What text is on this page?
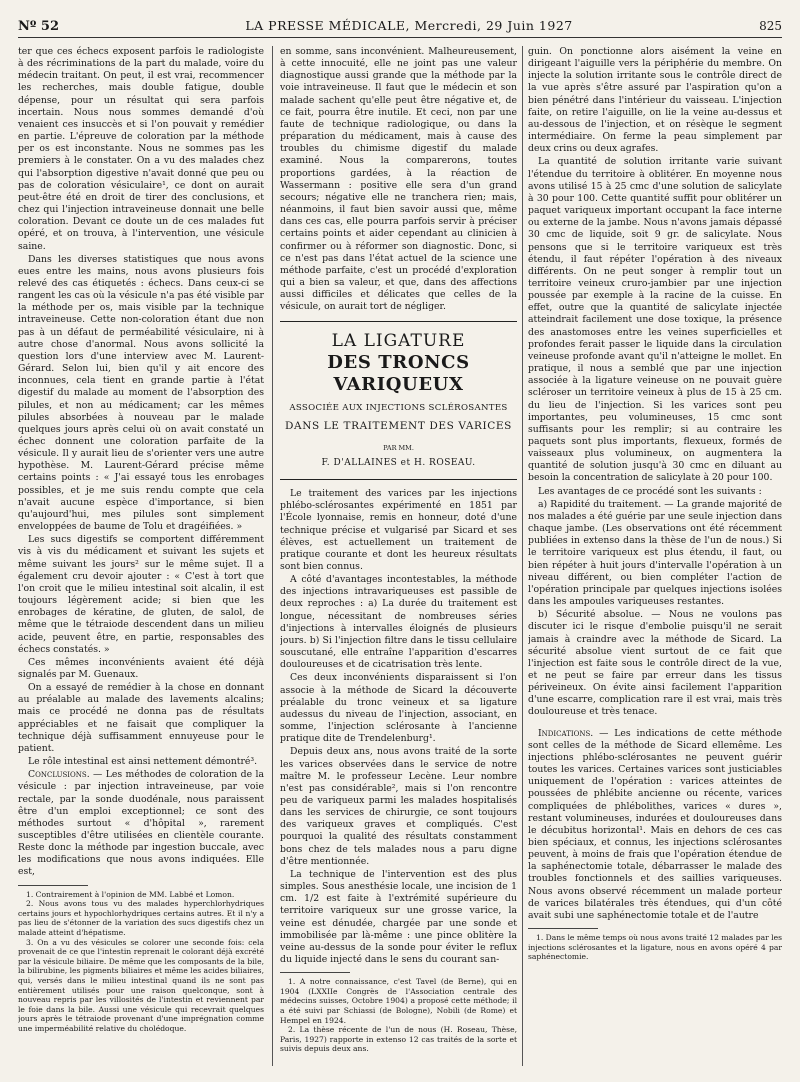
Nº 52	LA PRESSE MÉDICALE, Mercredi, 29 Juin 1927	825

ter que ces échecs exposent parfois le radiologiste à des récriminations de la part du malade, voire du médecin traitant. On peut, il est vrai, recommencer les recherches, mais double fatigue, double dépense, pour un résultat qui sera parfois incertain. Nous nous sommes demandé d'où venaient ces insuccès et si l'on pouvait y remédier en partie. L'épreuve de coloration par la méthode per os est inconstante. Nous ne sommes pas les premiers à le constater. On a vu des malades chez qui l'absorption digestive n'avait donné que peu ou pas de coloration vésiculaire¹, ce dont on aurait peut-être été en droit de tirer des conclusions, et chez qui l'injection intraveineuse donnait une belle coloration. Devant ce doute un de ces malades fut opéré, et on trouva, à l'intervention, une vésicule saine.

Dans les diverses statistiques que nous avons eues entre les mains, nous avons plusieurs fois relevé des cas étiquetés : échecs. Dans ceux-ci se rangent les cas où la vésicule n'a pas été visible par la méthode per os, mais visible par la technique intraveineuse. Cette non-coloration étant due non pas à un défaut de perméabilité vésiculaire, ni à autre chose d'anormal. Nous avons sollicité la question lors d'une interview avec M. Laurent-Gérard. Selon lui, bien qu'il y ait encore des inconnues, cela tient en grande partie à l'état digestif du malade au moment de l'absorption des pilules, et non au médicament; car les mêmes pilules absorbées à nouveau par le malade quelques jours après celui où on avait constaté un échec donnent une coloration parfaite de la vésicule. Il y aurait lieu de s'orienter vers une autre hypothèse. M. Laurent-Gérard précise même certains points : « J'ai essayé tous les enrobages possibles, et je me suis rendu compte que cela n'avait aucune espèce d'importance, si bien qu'aujourd'hui, mes pilules sont simplement enveloppées de baume de Tolu et dragéifiées. »

Les sucs digestifs se comportent différemment vis à vis du médicament et suivant les sujets et même suivant les jours² sur le même sujet. Il a également cru devoir ajouter : « C'est à tort que l'on croit que le milieu intestinal soit alcalin, il est toujours légèrement acide; si bien que les enrobages de kératine, de gluten, de salol, de même que le tétraiode descendent dans un milieu acide, peuvent être, en partie, responsables des échecs constatés. »

Ces mêmes inconvénients avaient été déjà signalés par M. Guenaux.

On a essayé de remédier à la chose en donnant au préalable au malade des lavements alcalins; mais ce procédé ne donna pas de résultats appréciables et ne faisait que compliquer la technique déjà suffisamment ennuyeuse pour le patient.

Le rôle intestinal est ainsi nettement démontré³.

Conclusions. — Les méthodes de coloration de la vésicule : par injection intraveineuse, par voie rectale, par la sonde duodénale, nous paraissent être d'un emploi exceptionnel; ce sont des méthodes surtout « d'hôpital », rarement susceptibles d'être utilisées en clientèle courante. Reste donc la méthode par ingestion buccale, avec les modifications que nous avons indiquées. Elle est,

1. Contrairement à l'opinion de MM. Labbé et Lomon.

2. Nous avons tous vu des malades hyperchlorhydriques certains jours et hypochlorhydriques certains autres. Et il n'y a pas lieu de s'étonner de la variation des sucs digestifs chez un malade atteint d'hépatisme.

3. On a vu des vésicules se colorer une seconde fois: cela provenait de ce que l'intestin reprenait le colorant déjà excrété par la vésicule biliaire. De même que les composants de la bile, la bilirubine, les pigments biliaires et même les acides biliaires, qui, versés dans le milieu intestinal quand ils ne sont pas entièrement utilisés pour une raison quelconque, sont à nouveau repris par les villosités de l'intestin et reviennent par le foie dans la bile. Aussi une vésicule qui recevrait quelques jours après le tétraiode provenant d'une imprégnation comme une imperméabilité relative du cholédoque.

en somme, sans inconvénient. Malheureusement, à cette innocuité, elle ne joint pas une valeur diagnostique aussi grande que la méthode par la voie intraveineuse. Il faut que le médecin et son malade sachent qu'elle peut être négative et, de ce fait, pourra être inutile. Et ceci, non par une faute de technique radiologique, ou dans la préparation du médicament, mais à cause des troubles du chimisme digestif du malade examiné. Nous la comparerons, toutes proportions gardées, à la réaction de Wassermann : positive elle sera d'un grand secours; négative elle ne tranchera rien; mais, néanmoins, il faut bien savoir aussi que, même dans ces cas, elle pourra parfois servir à préciser certains points et aider cependant au clinicien à confirmer ou à réformer son diagnostic. Donc, si ce n'est pas dans l'état actuel de la science une méthode parfaite, c'est un procédé d'exploration qui a bien sa valeur, et que, dans des affections aussi difficiles et délicates que celles de la vésicule, on aurait tort de négliger.

LA LIGATURE
DES TRONCS VARIQUEUX
ASSOCIÉE AUX INJECTIONS SCLÉROSANTES
DANS LE TRAITEMENT DES VARICES
PAR MM.
F. D'ALLAINES et H. ROSEAU.

Le traitement des varices par les injections phlébo-sclérosantes expérimenté en 1851 par l'École lyonnaise, remis en honneur, doté d'une technique précise et vulgarisé par Sicard et ses élèves, est actuellement un traitement de pratique courante et dont les heureux résultats sont bien connus.

A côté d'avantages incontestables, la méthode des injections intravariqueuses est passible de deux reproches : a) La durée du traitement est longue, nécessitant de nombreuses séries d'injections à intervalles éloignés de plusieurs jours. b) Si l'injection filtre dans le tissu cellulaire souscutané, elle entraîne l'apparition d'escarres douloureuses et de cicatrisation très lente.

Ces deux inconvénients disparaissent si l'on associe à la méthode de Sicard la découverte préalable du tronc veineux et sa ligature audessus du niveau de l'injection, associant, en somme, l'injection sclérosante à l'ancienne pratique dite de Trendelenburg¹.

Depuis deux ans, nous avons traité de la sorte les varices observées dans le service de notre maître M. le professeur Lecène. Leur nombre n'est pas considérable², mais si l'on rencontre peu de variqueux parmi les malades hospitalisés dans les services de chirurgie, ce sont toujours des variqueux graves et compliqués. C'est pourquoi la qualité des résultats constamment bons chez de tels malades nous a paru digne d'être mentionnée.

La technique de l'intervention est des plus simples. Sous anesthésie locale, une incision de 1 cm. 1/2 est faite à l'extrémité supérieure du territoire variqueux sur une grosse varice, la veine est dénudée, chargée par une sonde et immobilisée par là-même : une pince oblitère la veine au-dessus de la sonde pour éviter le reflux du liquide injecté dans le sens du courant san-

1. A notre connaissance, c'est Tavel (de Berne), qui en 1904 (LXXIIe Congrès de l'Association centrale des médecins suisses, Octobre 1904) a proposé cette méthode; il a été suivi par Schiassi (de Bologne), Nobili (de Rome) et Hempel en 1924.

2. La thèse récente de l'un de nous (H. Roseau, Thèse, Paris, 1927) rapporte in extenso 12 cas traités de la sorte et suivis depuis deux ans.

guin. On ponctionne alors aisément la veine en dirigeant l'aiguille vers la périphérie du membre. On injecte la solution irritante sous le contrôle direct de la vue après s'être assuré par l'aspiration qu'on a bien pénétré dans l'intérieur du vaisseau. L'injection faite, on retire l'aiguille, on lie la veine au-dessus et au-dessous de l'injection, et on résèque le segment intermédiaire. On ferme la peau simplement par deux crins ou deux agrafes.

La quantité de solution irritante varie suivant l'étendue du territoire à oblitérer. En moyenne nous avons utilisé 15 à 25 cmc d'une solution de salicylate à 30 pour 100. Cette quantité suffit pour oblitérer un paquet variqueux important occupant la face interne ou externe de la jambe. Nous n'avons jamais dépassé 30 cmc de liquide, soit 9 gr. de salicylate. Nous pensons que si le territoire variqueux est très étendu, il faut répéter l'opération à des niveaux différents. On ne peut songer à remplir tout un territoire veineux cruro-jambier par une injection poussée par exemple à la racine de la cuisse. En effet, outre que la quantité de salicylate injectée atteindrait facilement une dose toxique, la présence des anastomoses entre les veines superficielles et profondes ferait passer le liquide dans la circulation veineuse profonde avant qu'il n'atteigne le mollet. En pratique, il nous a semblé que par une injection associée à la ligature veineuse on ne pouvait guère scléroser un territoire veineux à plus de 15 à 25 cm. du lieu de l'injection. Si les varices sont peu importantes, peu volumineuses, 15 cmc sont suffisants pour les remplir; si au contraire les paquets sont plus importants, flexueux, formés de vaisseaux plus volumineux, on augmentera la quantité de solution jusqu'à 30 cmc en diluant au besoin la concentration de salicylate à 20 pour 100.

Les avantages de ce procédé sont les suivants :

a) Rapidité du traitement. — La grande majorité de nos malades a été guérie par une seule injection dans chaque jambe. (Les observations ont été récemment publiées in extenso dans la thèse de l'un de nous.) Si le territoire variqueux est plus étendu, il faut, ou bien répéter à huit jours d'intervalle l'opération à un niveau différent, ou bien compléter l'action de l'opération principale par quelques injections isolées dans les ampoules variqueuses restantes.

b) Sécurité absolue. — Nous ne voulons pas discuter ici le risque d'embolie puisqu'il ne serait jamais à craindre avec la méthode de Sicard. La sécurité absolue vient surtout de ce fait que l'injection est faite sous le contrôle direct de la vue, et ne peut se faire par erreur dans les tissus périveineux. On évite ainsi facilement l'apparition d'une escarre, complication rare il est vrai, mais très douloureuse et très tenace.

Indications. — Les indications de cette méthode sont celles de la méthode de Sicard ellemême. Les injections phlébo-sclérosantes ne peuvent guérir toutes les varices. Certaines varices sont justiciables uniquement de l'opération : varices atteintes de poussées de phlébite ancienne ou récente, varices compliquées de phlébolithes, varices « dures », restant volumineuses, indurées et douloureuses dans le décubitus horizontal¹. Mais en dehors de ces cas bien spéciaux, et connus, les injections sclérosantes peuvent, à moins de frais que l'opération étendue de la saphénectomie totale, débarrasser le malade des troubles fonctionnels et des saillies variqueuses. Nous avons observé récemment un malade porteur de varices bilatérales très étendues, qui d'un côté avait subi une saphénectomie totale et de l'autre

1. Dans le même temps où nous avons traité 12 malades par les injections sclérosantes et la ligature, nous en avons opéré 4 par saphénectomie.
